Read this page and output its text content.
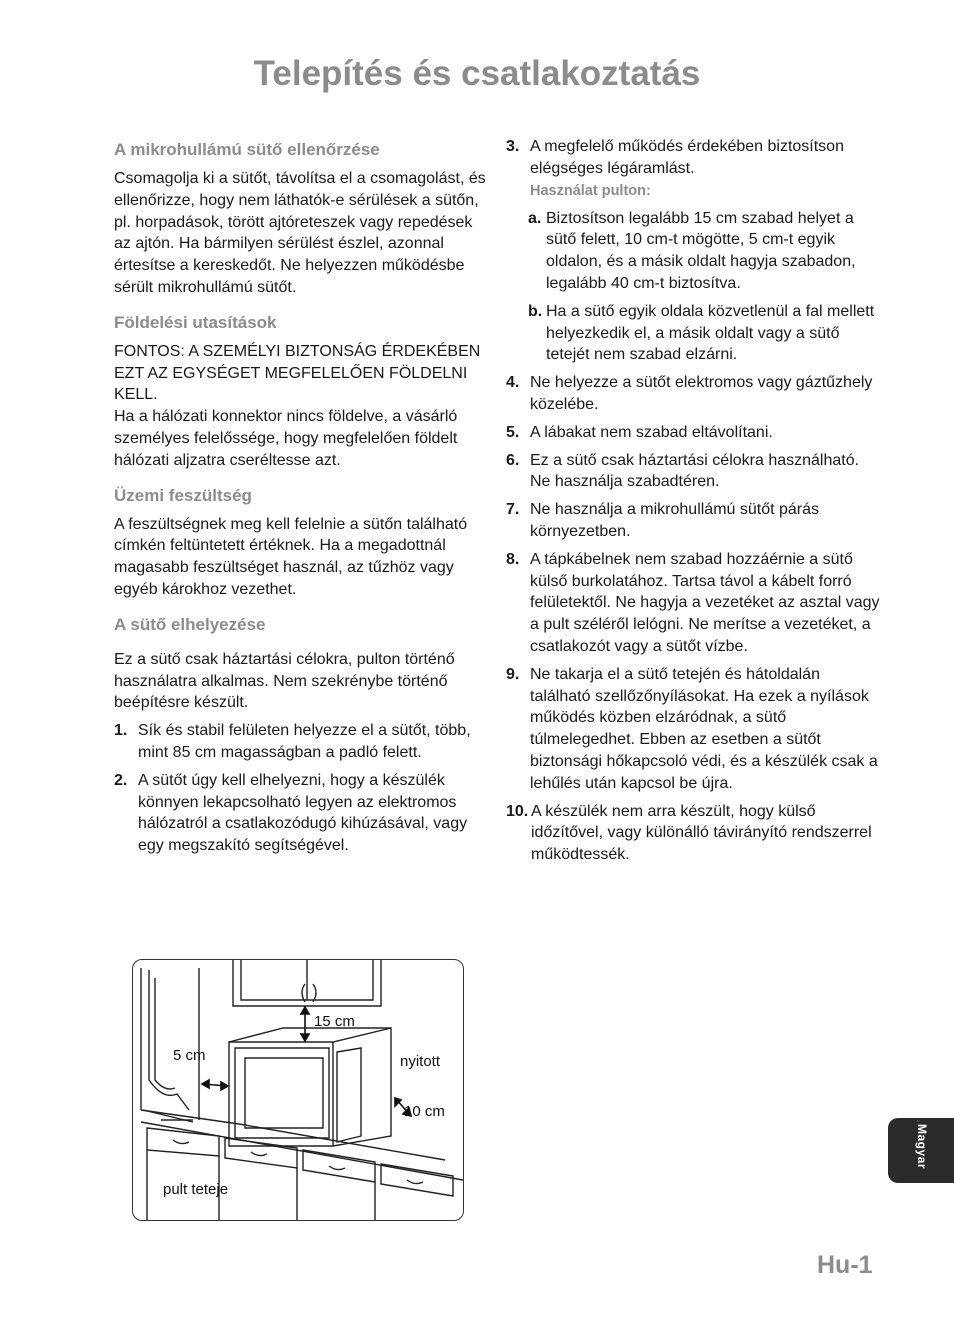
Telepítés és csatlakoztatás
A mikrohullámú sütő ellenőrzése

Csomagolja ki a sütőt, távolítsa el a csomagolást, és ellenőrizze, hogy nem láthatók-e sérülések a sütőn, pl. horpadások, törött ajtóreteszek vagy repedések az ajtón. Ha bármilyen sérülést észlel, azonnal értesítse a kereskedőt. Ne helyezzen működésbe sérült mikrohullámú sütőt.

Földelési utasítások

FONTOS: A SZEMÉLYI BIZTONSÁG ÉRDEKÉBEN EZT AZ EGYSÉGET MEGFELELŐEN FÖLDELNI KELL.

Ha a hálózati konnektor nincs földelve, a vásárló személyes felelőssége, hogy megfelelően földelt hálózati aljzatra cseréltesse azt.

Üzemi feszültség

A feszültségnek meg kell felelnie a sütőn található címkén feltüntetett értéknek. Ha a megadottnál magasabb feszültséget használ, az tűzhöz vagy egyéb károkhoz vezethet.

A sütő elhelyezése

Ez a sütő csak háztartási célokra, pulton történő használatra alkalmas. Nem szekrénybe történő beépítésre készült.

1. Sík és stabil felületen helyezze el a sütőt, több, mint 85 cm magasságban a padló felett.
2. A sütőt úgy kell elhelyezni, hogy a készülék könnyen lekapcsolható legyen az elektromos hálózatról a csatlakozódugó kihúzásával, vagy egy megszakító segítségével.
3. A megfelelő működés érdekében biztosítson elégséges légáramlást.
Használat pulton:
a. Biztosítson legalább 15 cm szabad helyet a sütő felett, 10 cm-t mögötte, 5 cm-t egyik oldalon, és a másik oldalt hagyja szabadon, legalább 40 cm-t biztosítva.
b. Ha a sütő egyik oldala közvetlenül a fal mellett helyezkedik el, a másik oldalt vagy a sütő tetejét nem szabad elzárni.
4. Ne helyezze a sütőt elektromos vagy gáztűzhely közelébe.
5. A lábakat nem szabad eltávolítani.
6. Ez a sütő csak háztartási célokra használható. Ne használja szabadtéren.
7. Ne használja a mikrohullámú sütőt párás környezetben.
8. A tápkábelnek nem szabad hozzáérnie a sütő külső burkolatához. Tartsa távol a kábelt forró felületektől. Ne hagyja a vezetéket az asztal vagy a pult széléről lelógni. Ne merítse a vezetéket, a csatlakozót vagy a sütőt vízbe.
9. Ne takarja el a sütő tetején és hátoldalán található szellőzőnyílásokat. Ha ezek a nyílások működés közben elzáródnak, a sütő túlmelegedhet. Ebben az esetben a sütőt biztonsági hőkapcsoló védi, és a készülék csak a lehűlés után kapcsol be újra.
10. A készülék nem arra készült, hogy külső időzítővel, vagy különálló távirányító rendszerrel működtessék.
15 cm
5 cm	nyitott
10 cm
pult teteje
Magyar
Hu-1
